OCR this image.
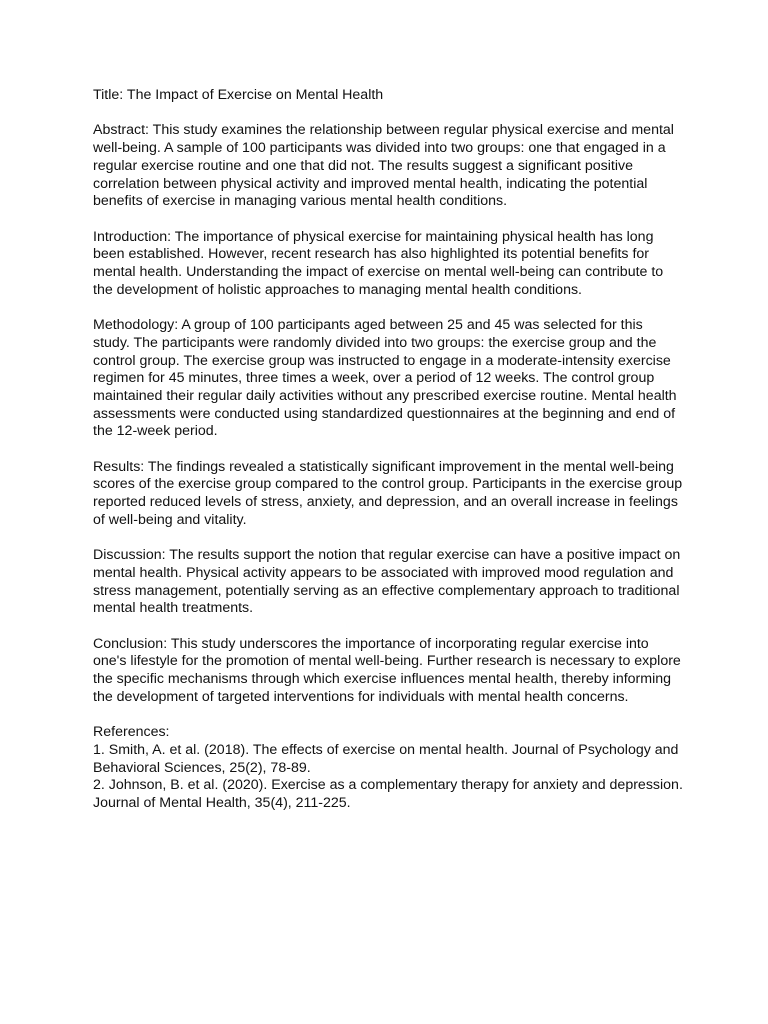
Title: The Impact of Exercise on Mental Health

Abstract: This study examines the relationship between regular physical exercise and mental well-being. A sample of 100 participants was divided into two groups: one that engaged in a regular exercise routine and one that did not. The results suggest a significant positive correlation between physical activity and improved mental health, indicating the potential benefits of exercise in managing various mental health conditions.

Introduction: The importance of physical exercise for maintaining physical health has long been established. However, recent research has also highlighted its potential benefits for mental health. Understanding the impact of exercise on mental well-being can contribute to the development of holistic approaches to managing mental health conditions.

Methodology: A group of 100 participants aged between 25 and 45 was selected for this study. The participants were randomly divided into two groups: the exercise group and the control group. The exercise group was instructed to engage in a moderate-intensity exercise regimen for 45 minutes, three times a week, over a period of 12 weeks. The control group maintained their regular daily activities without any prescribed exercise routine. Mental health assessments were conducted using standardized questionnaires at the beginning and end of the 12-week period.

Results: The findings revealed a statistically significant improvement in the mental well-being scores of the exercise group compared to the control group. Participants in the exercise group reported reduced levels of stress, anxiety, and depression, and an overall increase in feelings of well-being and vitality.

Discussion: The results support the notion that regular exercise can have a positive impact on mental health. Physical activity appears to be associated with improved mood regulation and stress management, potentially serving as an effective complementary approach to traditional mental health treatments.

Conclusion: This study underscores the importance of incorporating regular exercise into one's lifestyle for the promotion of mental well-being. Further research is necessary to explore the specific mechanisms through which exercise influences mental health, thereby informing the development of targeted interventions for individuals with mental health concerns.

References:

1. Smith, A. et al. (2018). The effects of exercise on mental health. Journal of Psychology and Behavioral Sciences, 25(2), 78-89.

2. Johnson, B. et al. (2020). Exercise as a complementary therapy for anxiety and depression. Journal of Mental Health, 35(4), 211-225.
